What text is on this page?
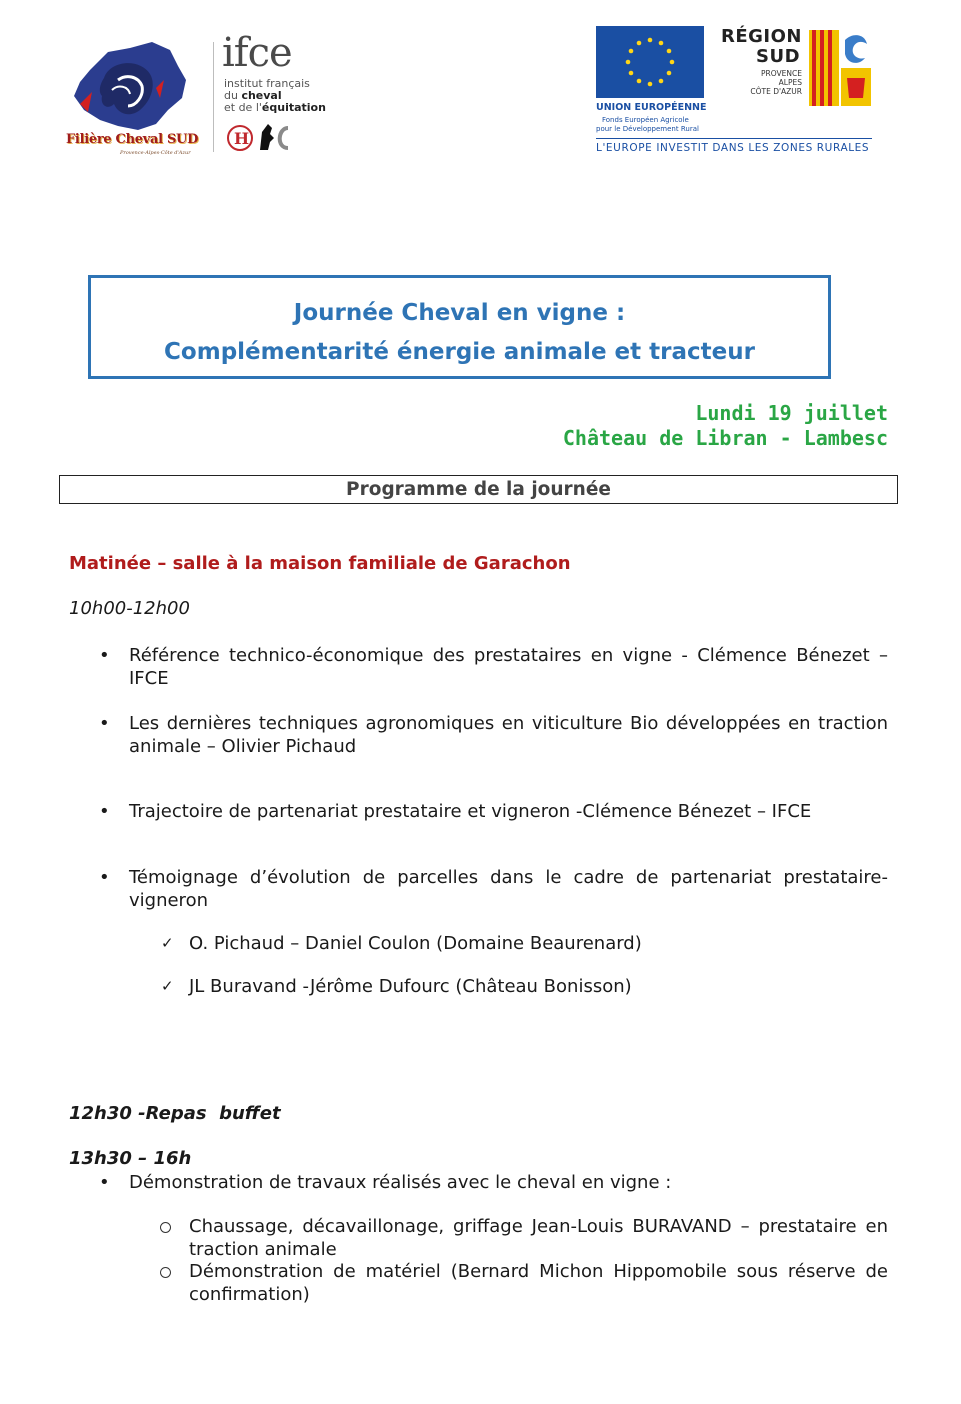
Filière Cheval SUD
Provence-Alpes-Côte d'Azur
ifce
institut français
du cheval
et de l'équitation
H
UNION EUROPÉENNE
Fonds Européen Agricole
pour le Développement Rural
RÉGION
SUD
PROVENCE
ALPES
CÔTE D'AZUR
L'EUROPE INVESTIT DANS LES ZONES RURALES
Journée Cheval en vigne :
Complémentarité énergie animale et tracteur
Lundi 19 juillet
Château de Libran - Lambesc
Programme de la journée
Matinée – salle à la maison familiale de Garachon
10h00-12h00
• Référence technico-économique des prestataires en vigne - Clémence Bénezet – IFCE
• Les dernières techniques agronomiques en viticulture Bio développées en traction animale – Olivier Pichaud
• Trajectoire de partenariat prestataire et vigneron -Clémence Bénezet – IFCE
• Témoignage d’évolution de parcelles dans le cadre de partenariat prestataire-vigneron
✓ O. Pichaud – Daniel Coulon (Domaine Beaurenard)
✓ JL Buravand -Jérôme Dufourc (Château Bonisson)
12h30 -Repas  buffet
13h30 – 16h
• Démonstration de travaux réalisés avec le cheval en vigne :
Chaussage, décavaillonage, griffage Jean-Louis BURAVAND – prestataire en traction animale
Démonstration de matériel (Bernard Michon Hippomobile sous réserve de confirmation)
